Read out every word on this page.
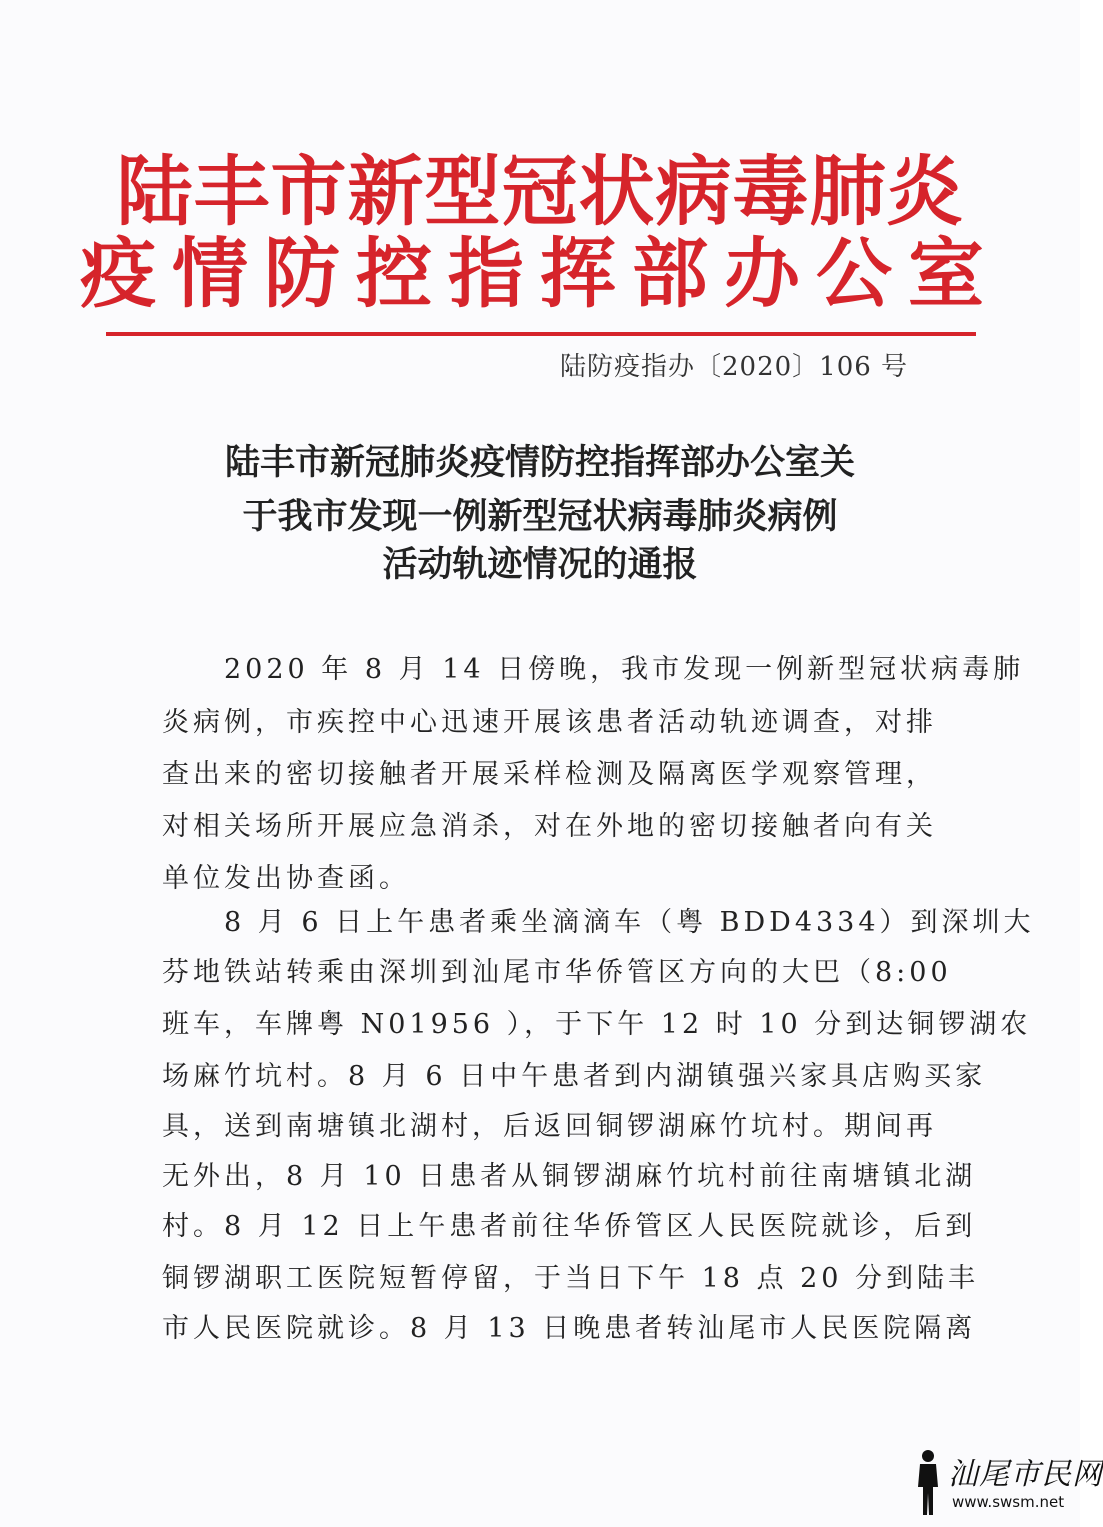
陆丰市新型冠状病毒肺炎
疫情防控指挥部办公室
陆防疫指办〔2020〕106 号
陆丰市新冠肺炎疫情防控指挥部办公室关
于我市发现一例新型冠状病毒肺炎病例
活动轨迹情况的通报
　　2020 年 8 月 14 日傍晚，我市发现一例新型冠状病毒肺
炎病例，市疾控中心迅速开展该患者活动轨迹调查，对排
查出来的密切接触者开展采样检测及隔离医学观察管理，
对相关场所开展应急消杀，对在外地的密切接触者向有关
单位发出协查函。
　　8 月 6 日上午患者乘坐滴滴车（粤 BDD4334）到深圳大
芬地铁站转乘由深圳到汕尾市华侨管区方向的大巴（8:00
班车，车牌粤 N01956 ），于下午 12 时 10 分到达铜锣湖农
场麻竹坑村。8 月 6 日中午患者到内湖镇强兴家具店购买家
具，送到南塘镇北湖村，后返回铜锣湖麻竹坑村。期间再
无外出，8 月 10 日患者从铜锣湖麻竹坑村前往南塘镇北湖
村。8 月 12 日上午患者前往华侨管区人民医院就诊，后到
铜锣湖职工医院短暂停留，于当日下午 18 点 20 分到陆丰
市人民医院就诊。8 月 13 日晚患者转汕尾市人民医院隔离
汕尾市民网
www.swsm.net
